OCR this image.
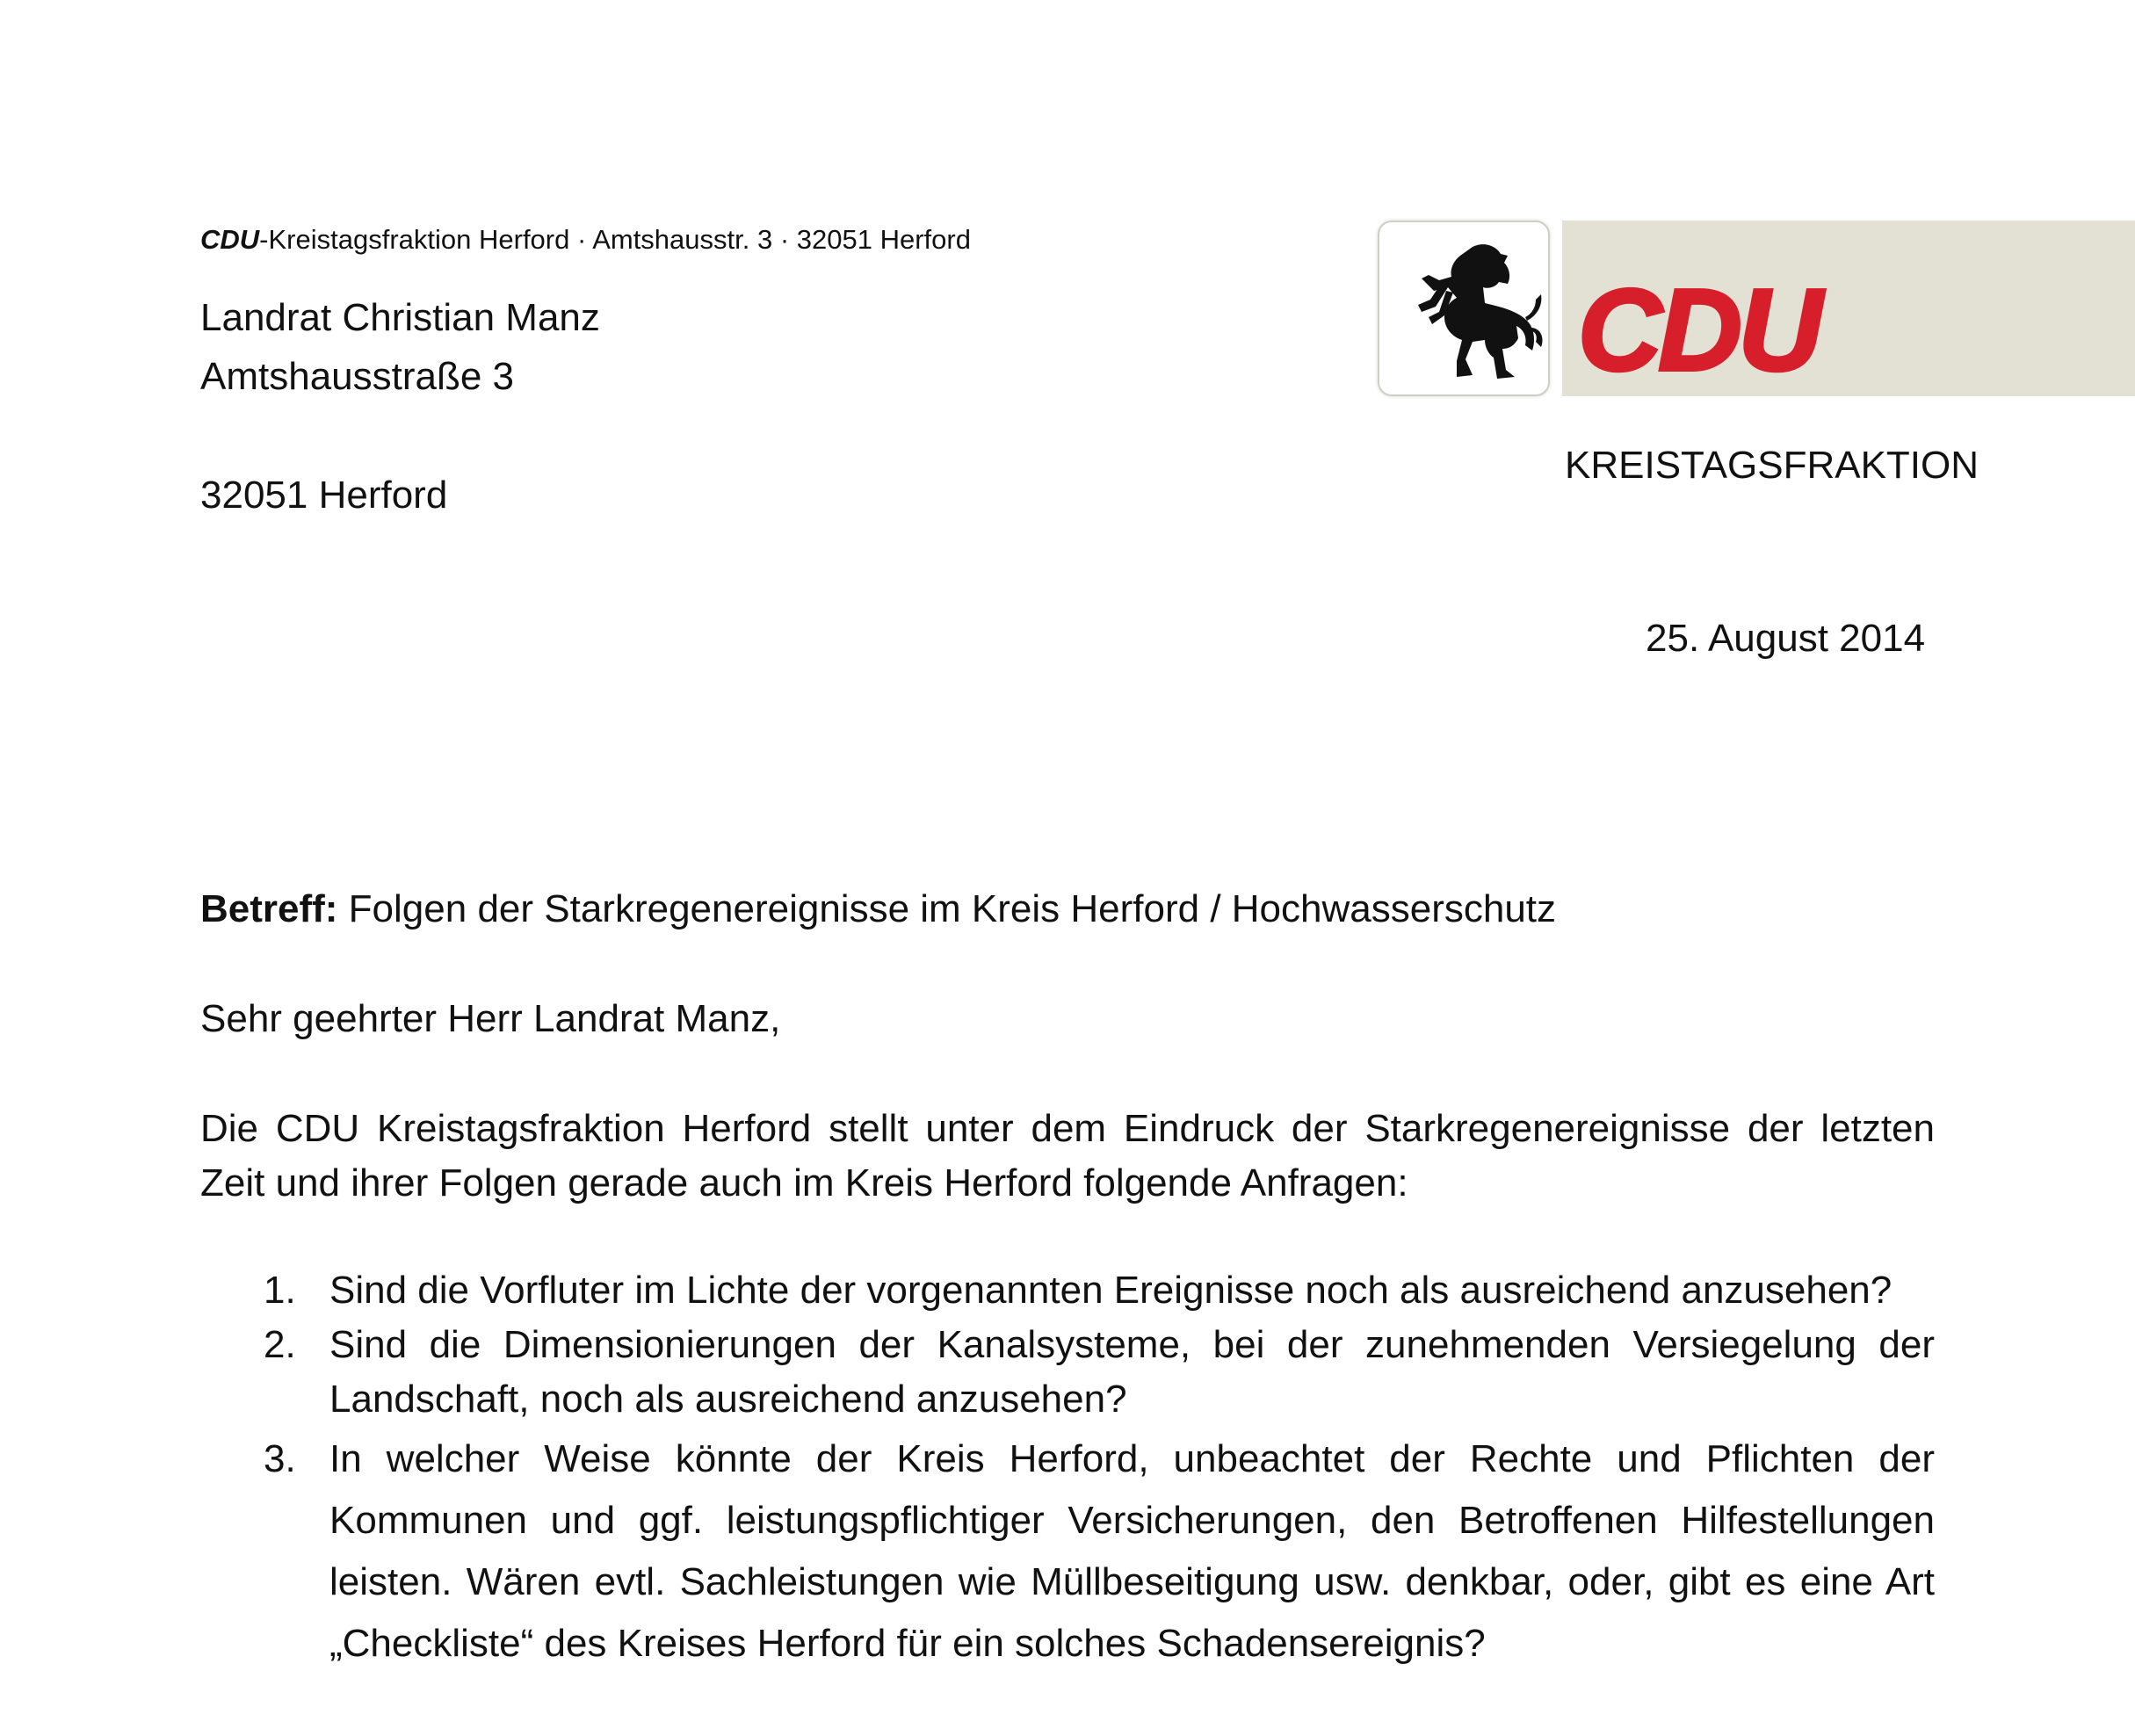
CDU-Kreistagsfraktion Herford · Amtshausstr. 3 · 32051 Herford
Landrat Christian Manz
Amtshausstraße 3
32051 Herford
CDU
KREISTAGSFRAKTION
25. August 2014
Betreff: Folgen der Starkregenereignisse im Kreis Herford / Hochwasserschutz
Sehr geehrter Herr Landrat Manz,

Die CDU Kreistagsfraktion Herford stellt unter dem Eindruck der Starkregenereignisse der letzten Zeit und ihrer Folgen gerade auch im Kreis Herford folgende Anfragen:

1. Sind die Vorfluter im Lichte der vorgenannten Ereignisse noch als ausreichend anzusehen?
2. Sind die Dimensionierungen der Kanalsysteme, bei der zunehmenden Versiegelung der Landschaft, noch als ausreichend anzusehen?
3. In welcher Weise könnte der Kreis Herford, unbeachtet der Rechte und Pflichten der Kommunen und ggf. leistungspflichtiger Versicherungen, den Betroffenen Hilfestellungen leisten. Wären evtl. Sachleistungen wie Müllbeseitigung usw. denkbar, oder, gibt es eine Art „Checkliste“ des Kreises Herford für ein solches Schadensereignis?
